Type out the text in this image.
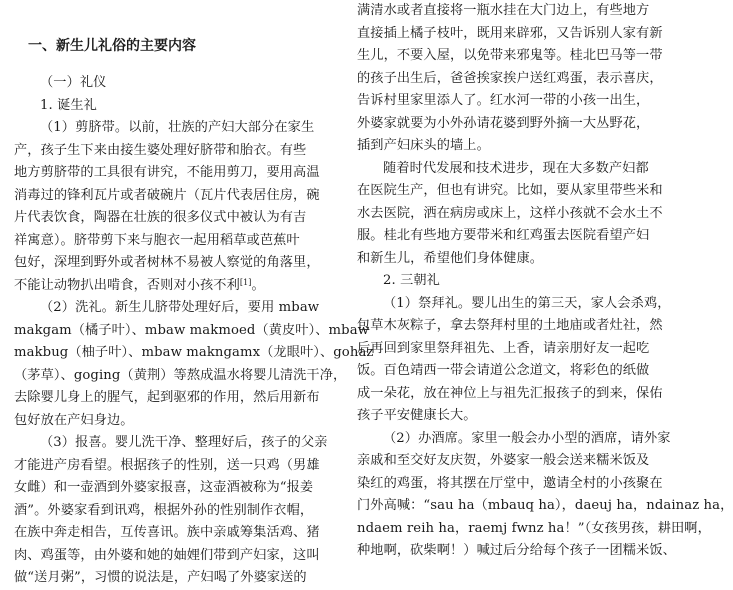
一、新生儿礼俗的主要内容
（一）礼仪
1. 诞生礼
（1）剪脐带。以前，壮族的产妇大部分在家生
产，孩子生下来由接生婆处理好脐带和胎衣。有些
地方剪脐带的工具很有讲究，不能用剪刀，要用高温
消毒过的锋利瓦片或者破碗片（瓦片代表居住房，碗
片代表饮食，陶器在壮族的很多仪式中被认为有吉
祥寓意）。脐带剪下来与胞衣一起用稻草或芭蕉叶
包好，深埋到野外或者树林不易被人察觉的角落里，
不能让动物扒出啃食，否则对小孩不利[1]。
（2）洗礼。新生儿脐带处理好后，要用 mbaw
makgam（橘子叶）、mbaw makmoed（黄皮叶）、mbaw
makbug（柚子叶）、mbaw makngamx（龙眼叶）、gohaz
（茅草）、goging（黄荆）等熬成温水将婴儿清洗干净，
去除婴儿身上的腥气，起到驱邪的作用，然后用新布
包好放在产妇身边。
（3）报喜。婴儿洗干净、整理好后，孩子的父亲
才能进产房看望。根据孩子的性别，送一只鸡（男雄
女雌）和一壶酒到外婆家报喜，这壶酒被称为“报姜
酒”。外婆家看到讯鸡，根据外孙的性别制作衣帽，
在族中奔走相告，互传喜讯。族中亲戚筹集活鸡、猪
肉、鸡蛋等，由外婆和她的妯娌们带到产妇家，这叫
做“送月粥”，习惯的说法是，产妇喝了外婆家送的
满清水或者直接将一瓶水挂在大门边上，有些地方
直接插上橘子枝叶，既用来辟邪，又告诉别人家有新
生儿，不要入屋，以免带来邪鬼等。桂北巴马等一带
的孩子出生后，爸爸挨家挨户送红鸡蛋，表示喜庆，
告诉村里家里添人了。红水河一带的小孩一出生，
外婆家就要为小外孙请花婆到野外摘一大丛野花，
插到产妇床头的墙上。
随着时代发展和技术进步，现在大多数产妇都
在医院生产，但也有讲究。比如，要从家里带些米和
水去医院，洒在病房或床上，这样小孩就不会水土不
服。桂北有些地方要带米和红鸡蛋去医院看望产妇
和新生儿，希望他们身体健康。
2. 三朝礼
（1）祭拜礼。婴儿出生的第三天，家人会杀鸡，
包草木灰粽子，拿去祭拜村里的土地庙或者灶社，然
后再回到家里祭拜祖先、上香，请亲朋好友一起吃
饭。百色靖西一带会请道公念道文，将彩色的纸做
成一朵花，放在神位上与祖先汇报孩子的到来，保佑
孩子平安健康长大。
（2）办酒席。家里一般会办小型的酒席，请外家
亲戚和至交好友庆贺，外婆家一般会送来糯米饭及
染红的鸡蛋，将其摆在厅堂中，邀请全村的小孩聚在
门外高喊：“sau ha（mbauq ha），daeuj ha，ndainaz ha，
ndaem reih ha，raemj fwnz ha！”（女孩男孩，耕田啊，
种地啊，砍柴啊！）喊过后分给每个孩子一团糯米饭、
